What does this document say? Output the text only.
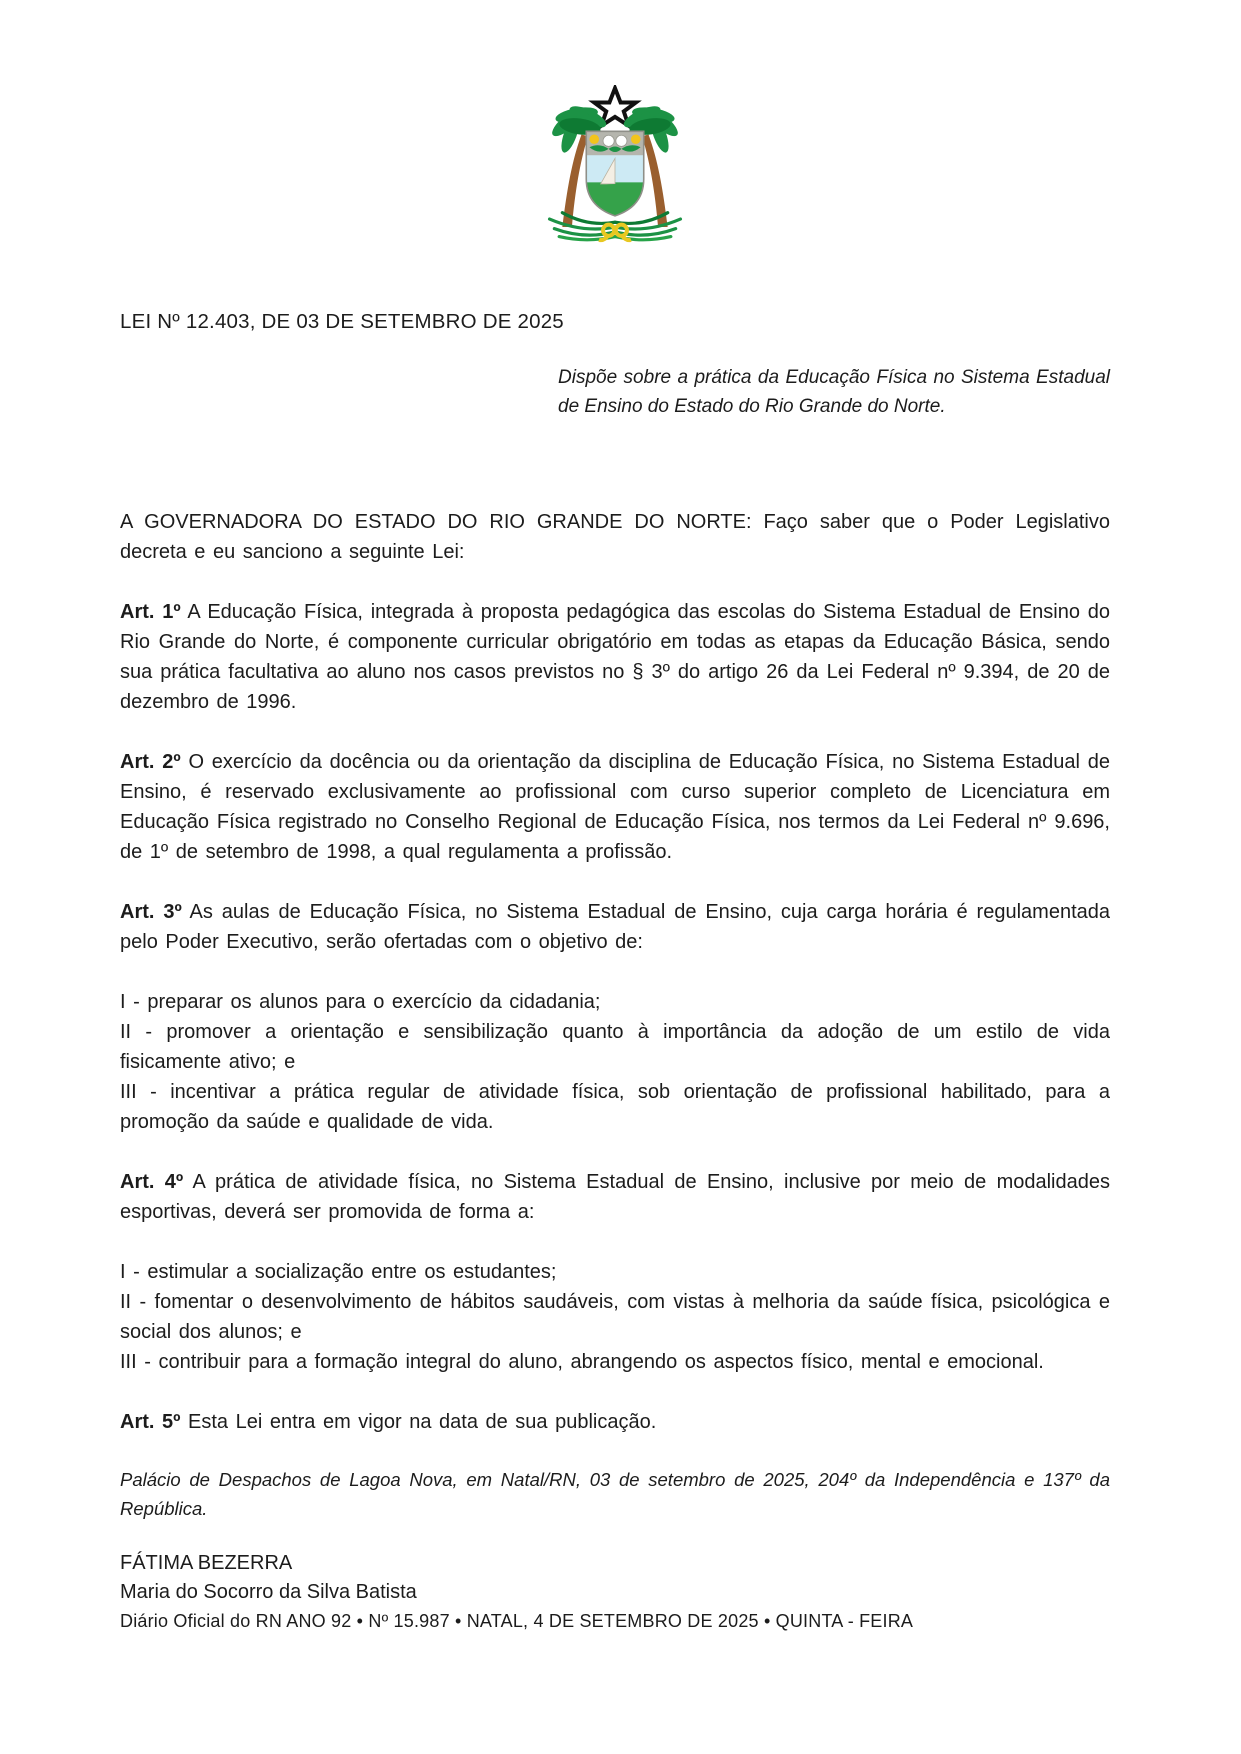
LEI Nº 12.403, DE 03 DE SETEMBRO DE 2025

Dispõe sobre a prática da Educação Física no Sistema Estadual de Ensino do Estado do Rio Grande do Norte.

A GOVERNADORA DO ESTADO DO RIO GRANDE DO NORTE: Faço saber que o Poder Legislativo decreta e eu sanciono a seguinte Lei:

Art. 1º A Educação Física, integrada à proposta pedagógica das escolas do Sistema Estadual de Ensino do Rio Grande do Norte, é componente curricular obrigatório em todas as etapas da Educação Básica, sendo sua prática facultativa ao aluno nos casos previstos no § 3º do artigo 26 da Lei Federal nº 9.394, de 20 de dezembro de 1996.

Art. 2º O exercício da docência ou da orientação da disciplina de Educação Física, no Sistema Estadual de Ensino, é reservado exclusivamente ao profissional com curso superior completo de Licenciatura em Educação Física registrado no Conselho Regional de Educação Física, nos termos da Lei Federal nº 9.696, de 1º de setembro de 1998, a qual regulamenta a profissão.

Art. 3º As aulas de Educação Física, no Sistema Estadual de Ensino, cuja carga horária é regulamentada pelo Poder Executivo, serão ofertadas com o objetivo de:

I - preparar os alunos para o exercício da cidadania;

II - promover a orientação e sensibilização quanto à importância da adoção de um estilo de vida fisicamente ativo; e

III - incentivar a prática regular de atividade física, sob orientação de profissional habilitado, para a promoção da saúde e qualidade de vida.

Art. 4º A prática de atividade física, no Sistema Estadual de Ensino, inclusive por meio de modalidades esportivas, deverá ser promovida de forma a:

I - estimular a socialização entre os estudantes;

II - fomentar o desenvolvimento de hábitos saudáveis, com vistas à melhoria da saúde física, psicológica e social dos alunos; e

III - contribuir para a formação integral do aluno, abrangendo os aspectos físico, mental e emocional.

Art. 5º Esta Lei entra em vigor na data de sua publicação.

Palácio de Despachos de Lagoa Nova, em Natal/RN, 03 de setembro de 2025, 204º da Independência e 137º da República.

FÁTIMA BEZERRA

Maria do Socorro da Silva Batista

Diário Oficial do RN ANO 92 • Nº 15.987 • NATAL, 4 DE SETEMBRO DE 2025 • QUINTA - FEIRA
